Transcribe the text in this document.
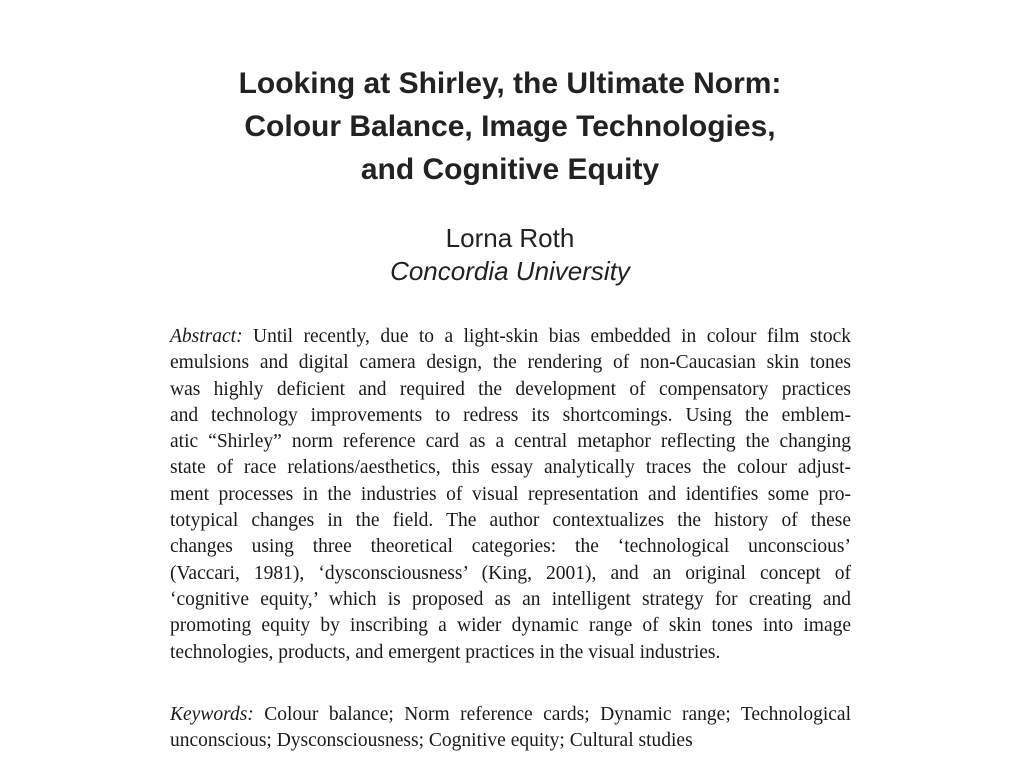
Looking at Shirley, the Ultimate Norm:
Colour Balance, Image Technologies,
and Cognitive Equity
Lorna Roth
Concordia University
Abstract: Until recently, due to a light-skin bias embedded in colour film stock
emulsions and digital camera design, the rendering of non-Caucasian skin tones
was highly deficient and required the development of compensatory practices
and technology improvements to redress its shortcomings. Using the emblem-
atic “Shirley” norm reference card as a central metaphor reflecting the changing
state of race relations/aesthetics, this essay analytically traces the colour adjust-
ment processes in the industries of visual representation and identifies some pro-
totypical changes in the field. The author contextualizes the history of these
changes using three theoretical categories: the ‘technological unconscious’
(Vaccari, 1981), ‘dysconsciousness’ (King, 2001), and an original concept of
‘cognitive equity,’ which is proposed as an intelligent strategy for creating and
promoting equity by inscribing a wider dynamic range of skin tones into image
technologies, products, and emergent practices in the visual industries.
Keywords: Colour balance; Norm reference cards; Dynamic range; Technological
unconscious; Dysconsciousness; Cognitive equity; Cultural studies
